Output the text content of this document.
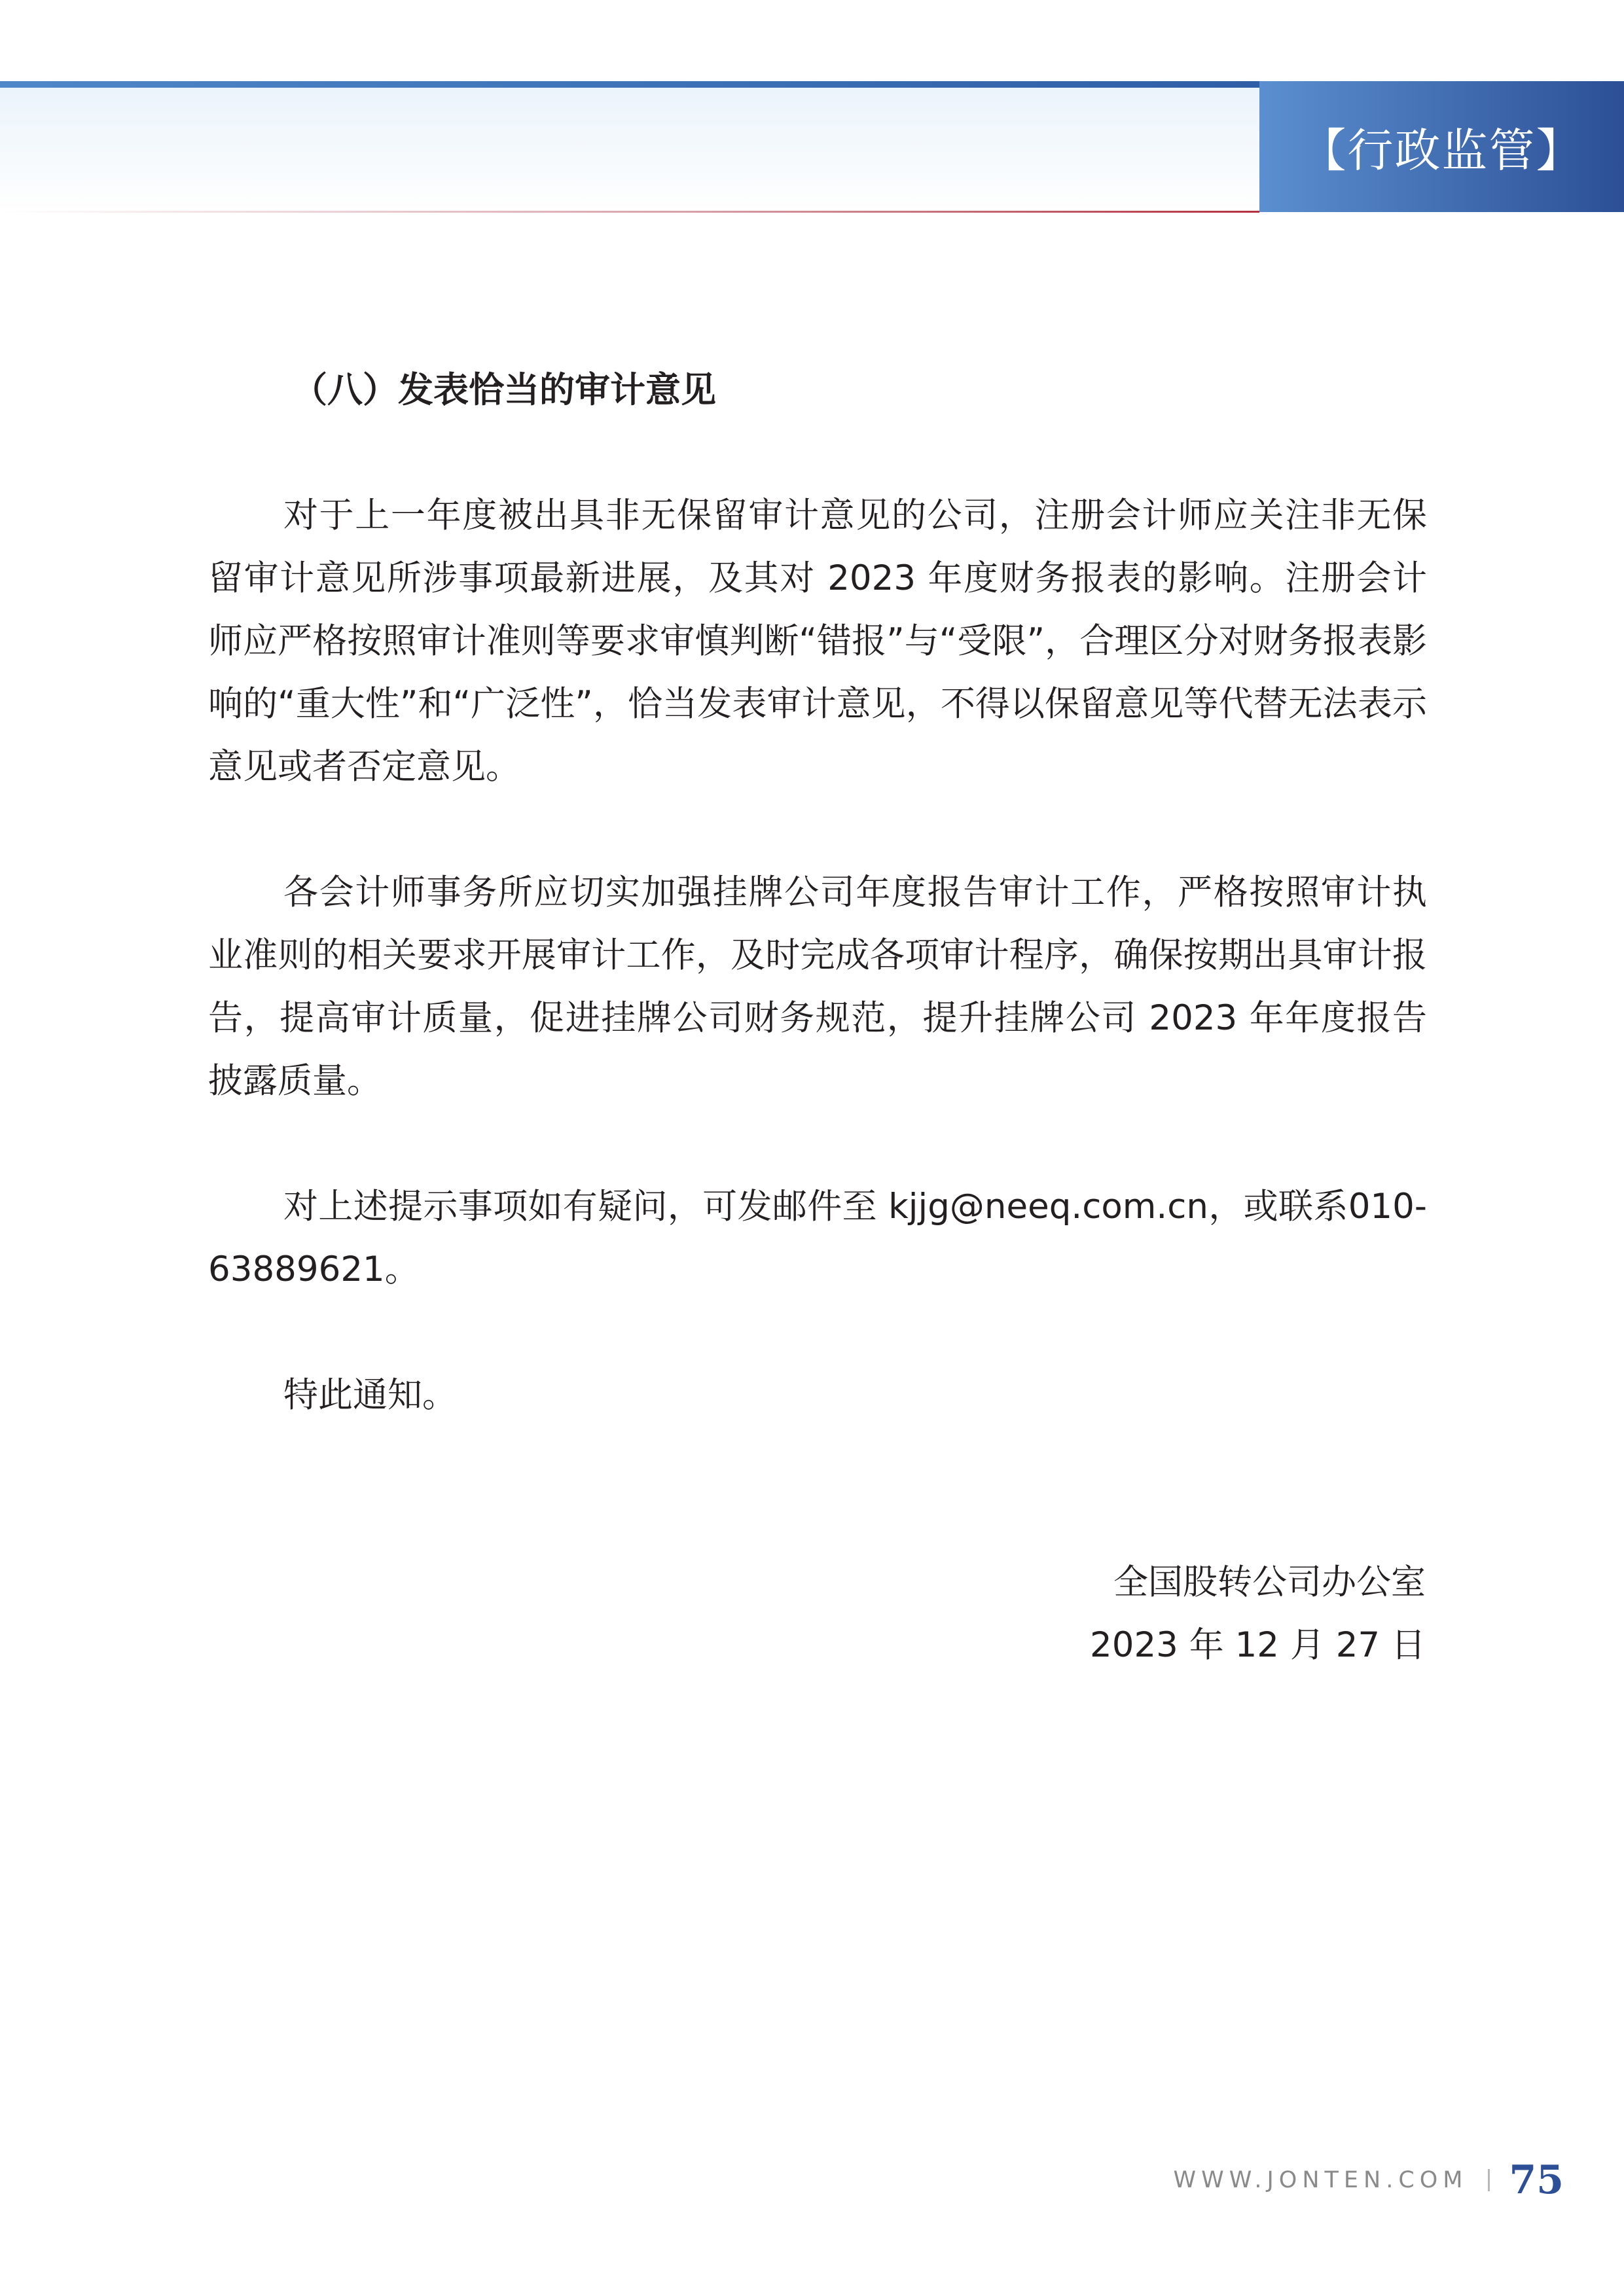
【行政监管】
（八）发表恰当的审计意见

对于上一年度被出具非无保留审计意见的公司，注册会计师应关注非无保留审计意见所涉事项最新进展，及其对 2023 年度财务报表的影响。注册会计师应严格按照审计准则等要求审慎判断“错报”与“受限”，合理区分对财务报表影响的“重大性”和“广泛性”，恰当发表审计意见，不得以保留意见等代替无法表示意见或者否定意见。

各会计师事务所应切实加强挂牌公司年度报告审计工作，严格按照审计执业准则的相关要求开展审计工作，及时完成各项审计程序，确保按期出具审计报告，提高审计质量，促进挂牌公司财务规范，提升挂牌公司 2023 年年度报告披露质量。

对上述提示事项如有疑问，可发邮件至 kjjg@neeq.com.cn，或联系010-63889621。

特此通知。
全国股转公司办公室
2023 年 12 月 27 日
WWW.JONTEN.COM 75
